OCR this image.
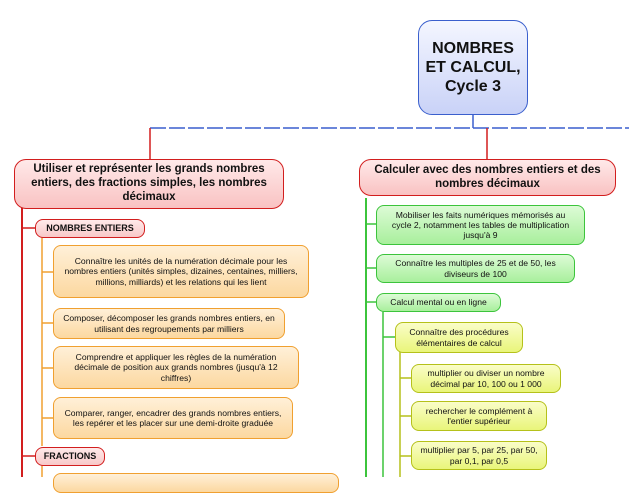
NOMBRES ET CALCUL, Cycle 3
Utiliser et représenter les grands nombres entiers, des fractions simples, les nombres décimaux
NOMBRES ENTIERS
Connaître les unités de la numération décimale pour les nombres entiers (unités simples, dizaines, centaines, milliers, millions, milliards) et les relations qui les lient
Composer, décomposer les grands nombres entiers, en utilisant des regroupements par milliers
Comprendre et appliquer les règles de la numération décimale de position aux grands nombres (jusqu'à 12 chiffres)
Comparer, ranger, encadrer des grands nombres entiers, les repérer et les placer sur une demi-droite graduée
FRACTIONS
Calculer avec des nombres entiers et des nombres décimaux
Mobiliser les faits numériques mémorisés au cycle 2, notamment les tables de multiplication jusqu'à 9
Connaître les multiples de 25 et de 50, les diviseurs de 100
Calcul mental ou en ligne
Connaître des procédures élémentaires de calcul
multiplier ou diviser un nombre décimal par 10, 100 ou 1 000
rechercher le complément à l'entier supérieur
multiplier par 5, par 25, par 50, par 0,1, par 0,5
